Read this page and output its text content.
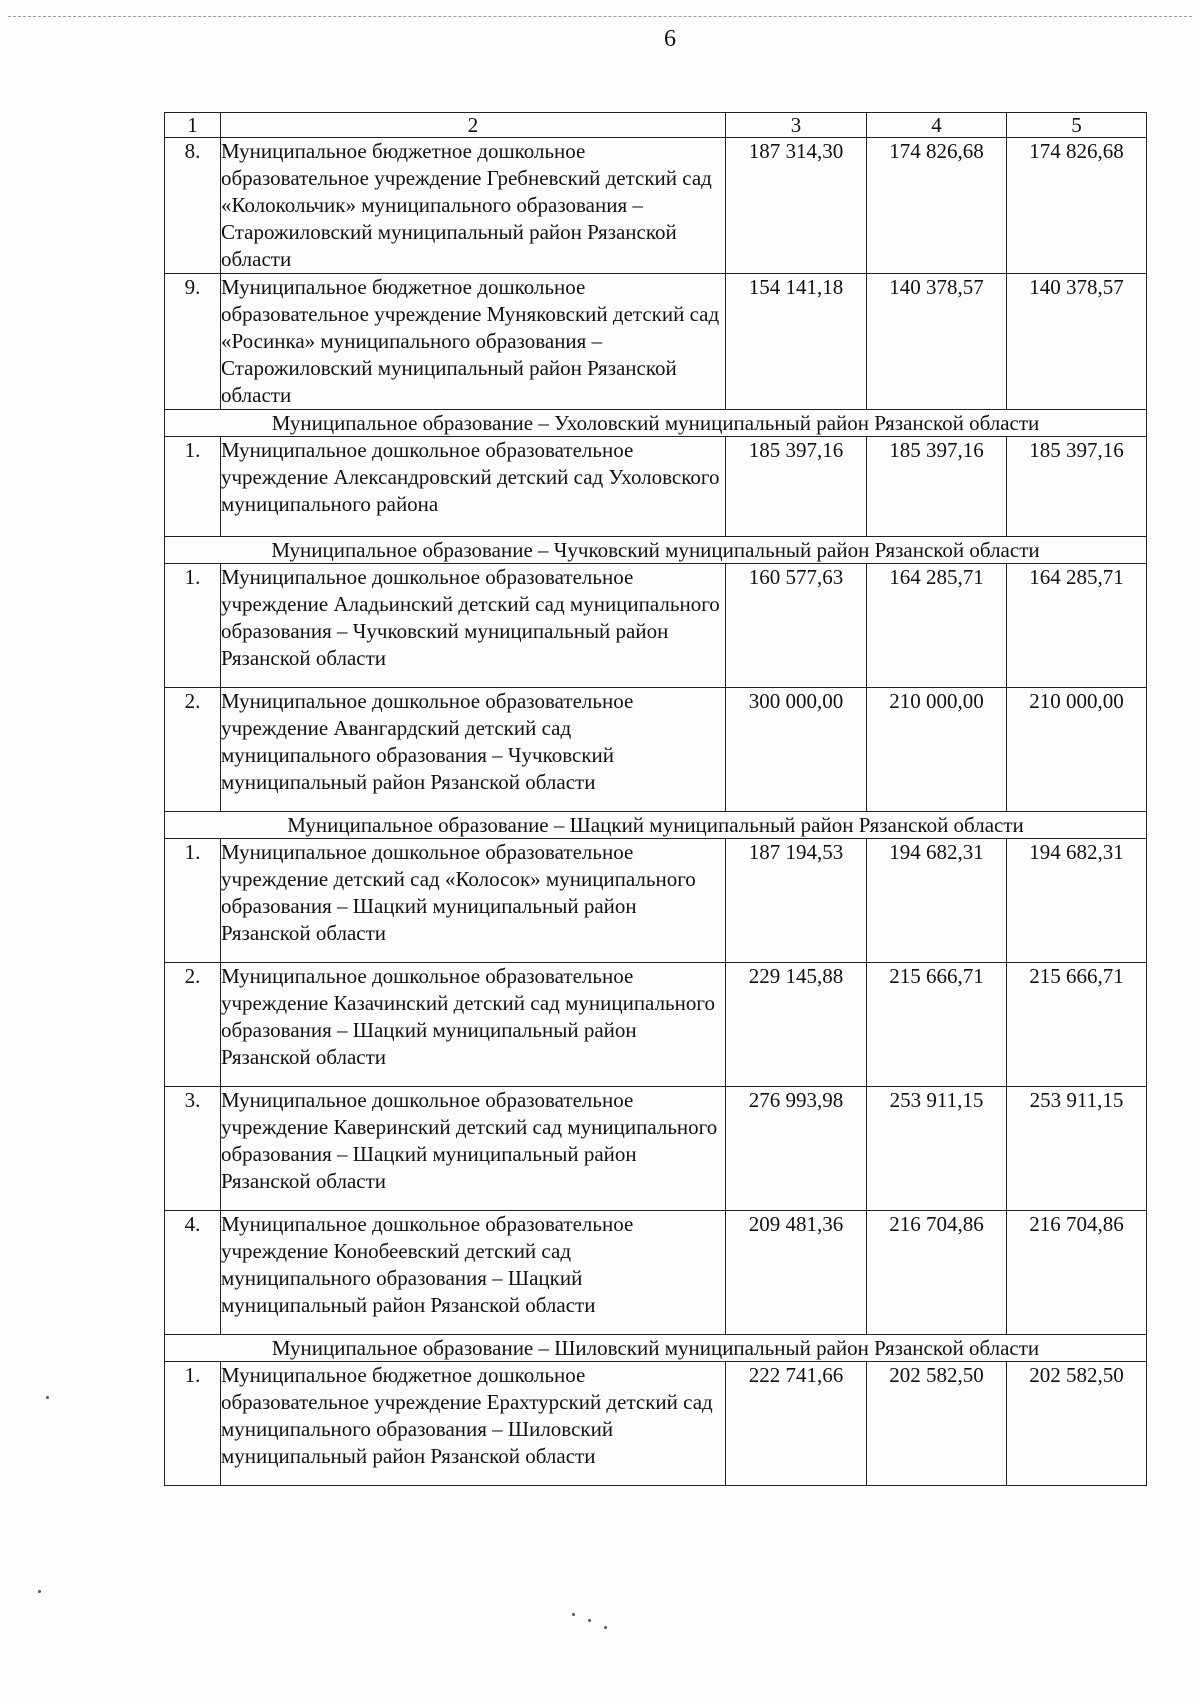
6
1	2	3	4	5
8.	Муниципальное бюджетное дошкольное образовательное учреждение Гребневский детский сад «Колокольчик» муниципального образования – Старожиловский муниципальный район Рязанской области	187 314,30	174 826,68	174 826,68
9.	Муниципальное бюджетное дошкольное образовательное учреждение Муняковский детский сад «Росинка» муниципального образования – Старожиловский муниципальный район Рязанской области	154 141,18	140 378,57	140 378,57
Муниципальное образование – Ухоловский муниципальный район Рязанской области				
1.	Муниципальное дошкольное образовательное учреждение Александровский детский сад Ухоловского муниципального района	185 397,16	185 397,16	185 397,16
Муниципальное образование – Чучковский муниципальный район Рязанской области				
1.	Муниципальное дошкольное образовательное учреждение Аладьинский детский сад муниципального образования – Чучковский муниципальный район Рязанской области	160 577,63	164 285,71	164 285,71
2.	Муниципальное дошкольное образовательное учреждение Авангардский детский сад муниципального образования – Чучковский муниципальный район Рязанской области	300 000,00	210 000,00	210 000,00
Муниципальное образование – Шацкий муниципальный район Рязанской области				
1.	Муниципальное дошкольное образовательное учреждение детский сад «Колосок» муниципального образования – Шацкий муниципальный район Рязанской области	187 194,53	194 682,31	194 682,31
2.	Муниципальное дошкольное образовательное учреждение Казачинский детский сад муниципального образования – Шацкий муниципальный район Рязанской области	229 145,88	215 666,71	215 666,71
3.	Муниципальное дошкольное образовательное учреждение Каверинский детский сад муниципального образования – Шацкий муниципальный район Рязанской области	276 993,98	253 911,15	253 911,15
4.	Муниципальное дошкольное образовательное учреждение Конобеевский детский сад муниципального образования – Шацкий муниципальный район Рязанской области	209 481,36	216 704,86	216 704,86
Муниципальное образование – Шиловский муниципальный район Рязанской области				
1.	Муниципальное бюджетное дошкольное образовательное учреждение Ерахтурский детский сад муниципального образования – Шиловский муниципальный район Рязанской области	222 741,66	202 582,50	202 582,50
